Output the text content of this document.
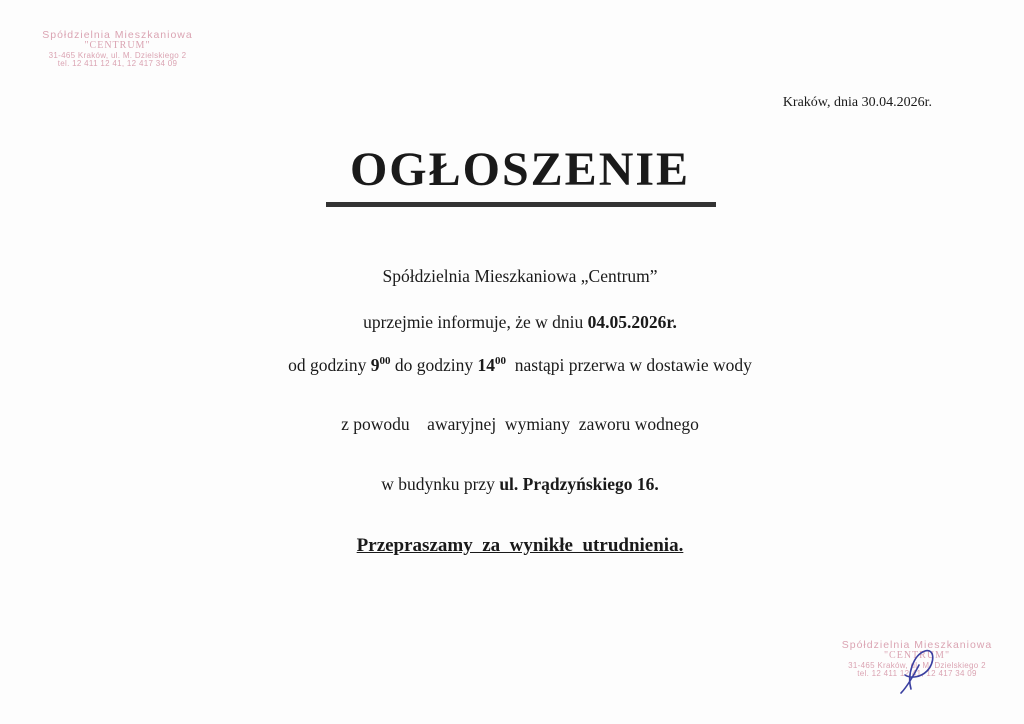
Spółdzielnia Mieszkaniowa
"CENTRUM"
31-465 Kraków, ul. M. Dzielskiego 2
tel. 12 411 12 41, 12 417 34 09
Kraków, dnia 30.04.2026r.
OGŁOSZENIE
Spółdzielnia Mieszkaniowa „Centrum”
uprzejmie informuje, że w dniu 04.05.2026r.
od godziny $9^{00}$ do godziny $14^{00}$  nastąpi przerwa w dostawie wody
z powodu    awaryjnej  wymiany  zaworu wodnego
w budynku przy ul. Prądzyńskiego 16.
Przepraszamy  za  wynikłe  utrudnienia.
Spółdzielnia Mieszkaniowa
"CENTRUM"
31-465 Kraków, ul. M. Dzielskiego 2
tel. 12 411 12 41, 12 417 34 09
